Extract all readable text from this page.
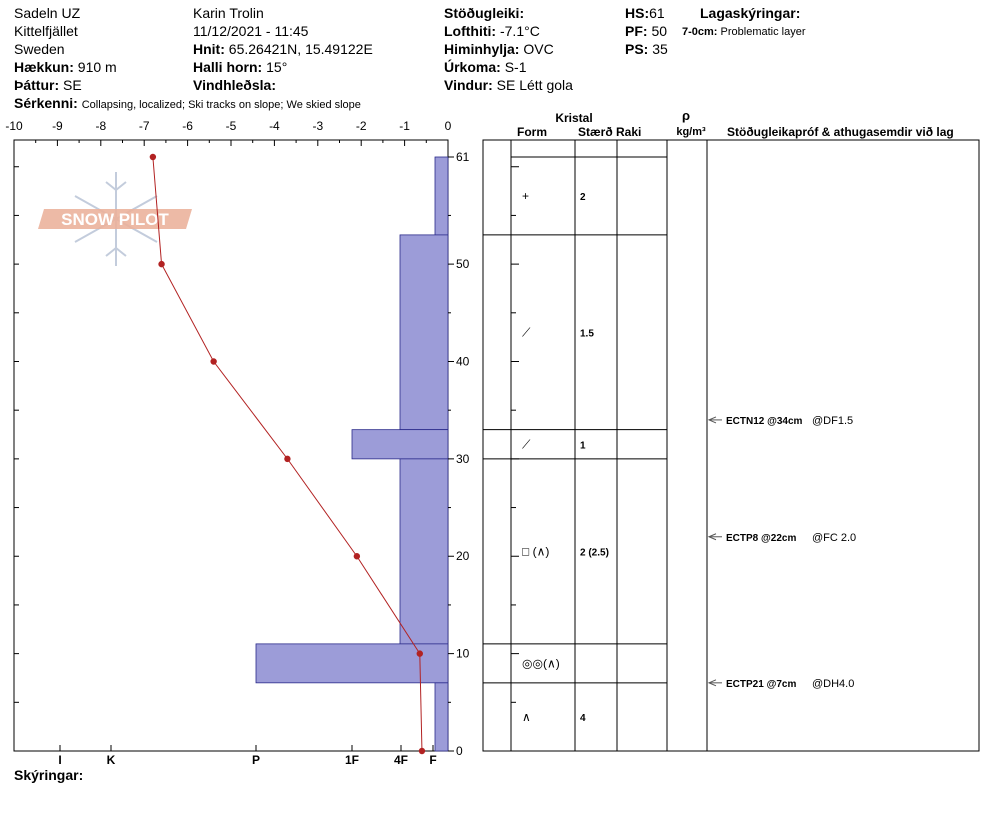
Sadeln UZ
Kittelfjället
Sweden
Hækkun: 910 m
Þáttur: SE
Sérkenni: Collapsing, localized; Ski tracks on slope; We skied slope
Karin Trolin
11/12/2021 - 11:45
Hnit: 65.26421N, 15.49122E
Halli horn: 15°
Vindhleðsla:
Stöðugleiki:
Lofthiti: -7.1°C
Himinhylja: OVC
Úrkoma: S-1
Vindur: SE Létt gola
HS:61
PF: 50
PS: 35
Lagaskýringar:
7-0cm: Problematic layer
Skýringar:
SNOW PILOT
-10 -9	-8	-7	-6	-5	-4	-3	-2	-1	0
0
10
20
30
40
50
61
I	K	P	1F	4F F
Kristal
Form	Stærð Raki
ρ
kg/m³ Stöðugleikapróf & athugasemdir við lag
+	2
⟋	1.5
⟋	1
□ (∧)	2 (2.5)
◎◎(∧)
∧	4
ECTN12 @34cm @DF1.5
ECTP8 @22cm @FC 2.0
ECTP21 @7cm @DH4.0
